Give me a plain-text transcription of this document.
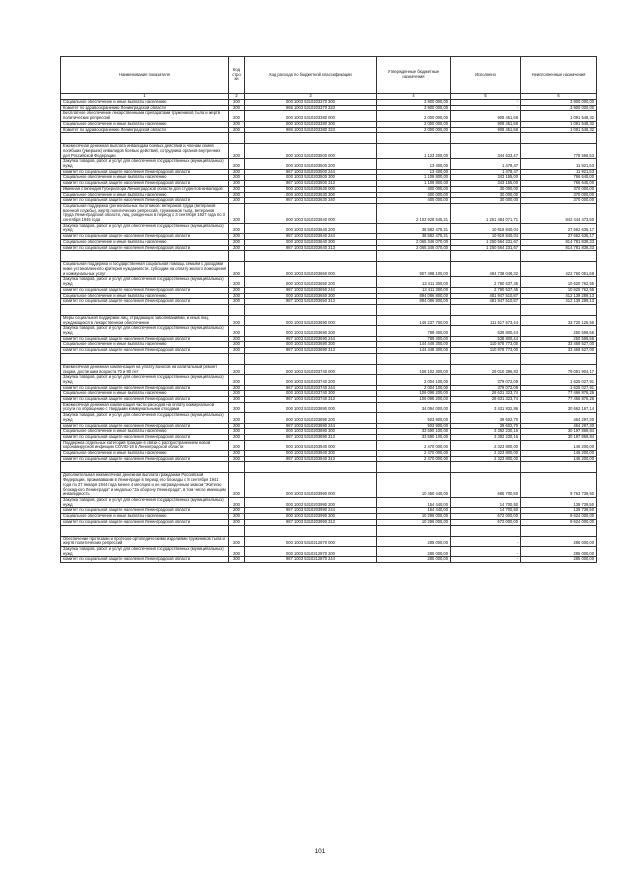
Наименование показателя	Код стро ки	Код расхода по бюджетной классификации	Утвержденные бюджетные назначения	Исполнено	Неисполненные назначения
1	2	3	4	5	6
Социальное обеспечение и иные выплаты населению	200	000 1003 5310203370 300	3 900 000,00	-	3 900 000,00
Комитет по здравоохранению Ленинградской области	200	986 1003 5310203370 323	3 900 000,00	-	3 900 000,00
Бесплатное обеспечение лекарственными препаратами тружеников тыла и жертв политических репрессий	200	000 1003 5310203380 000	2 000 000,00	908 451,68	1 091 548,32
Социальное обеспечение и иные выплаты населению	200	000 1003 5310203380 300	2 000 000,00	908 451,68	1 091 548,32
Комитет по здравоохранению Ленинградской области	200	986 1003 5310203380 323	2 000 000,00	908 451,68	1 091 548,32

Ежемесячная денежная выплата инвалидам боевых действий и членам семей погибших (умерших) инвалидов боевых действий, сотрудника органов внутренних дел Российской Федерации	200	000 1003 5310203500 000	1 123 200,00	344 633,47	778 566,53
Закупка товаров, работ и услуг для обеспечения государственных (муниципальных) нужд	200	000 1003 5310203500 200	13 400,00	1 478,47	11 921,53
комитет по социальной защите населения Ленинградской области	200	987 1003 5310203500 244	13 400,00	1 478,47	11 921,53
Социальное обеспечение и иные выплаты населению	200	000 1003 5310203500 300	1 109 800,00	343 155,00	766 645,00
комитет по социальной защите населения Ленинградской области	200	987 1003 5310203500 313	1 109 800,00	343 155,00	766 645,00
Именная стипендия Губернатора Ленинградской области для студентов-инвалидов	200	000 1003 5310203630 000	400 000,00	30 000,00	370 000,00
Социальное обеспечение и иные выплаты населению	200	000 1003 5310203630 300	400 000,00	30 000,00	370 000,00
комитет по социальной защите населения Ленинградской области	200	987 1003 5310203630 340	400 000,00	30 000,00	370 000,00
Социальная поддержка (региональных льготников: ветеранов труда (ветеранов военной службы), жертв политических репрессий, тружеников тыла, ветеранов труда Ленинградской области, лиц, рожденных в период с 3 сентября 1927 года по 3 сентября 1945 года	200	000 1003 5310203640 000	2 103 928 545,21	1 261 484 071,71	842 444 473,50
Закупка товаров, работ и услуг для обеспечения государственных (муниципальных) нужд	200	000 1003 5310203640 200	38 582 475,21	10 919 840,04	27 662 635,17
комитет по социальной защите населения Ленинградской области	200	987 1003 5310203640 244	38 582 475,21	10 919 840,04	27 662 635,17
Социальное обеспечение и иные выплаты населению	200	000 1003 5310203640 300	2 065 346 070,00	1 250 564 231,67	814 781 838,33
комитет по социальной защите населения Ленинградской области	200	987 1003 5310203640 313	2 065 346 070,00	1 250 564 231,67	814 781 838,33

Социальная поддержка и государственная социальная помощь семьям с доходами ниже установленного критерия нуждаемости, субсидии на оплату жилого помещения и коммунальных услуг	200	000 1003 5310203650 000	907 498 100,00	484 738 048,32	422 760 051,68
Закупка товаров, работ и услуг для обеспечения государственных (муниципальных) нужд	200	000 1003 5310203650 200	13 411 300,00	2 790 537,45	10 620 762,55
комитет по социальной защите населения Ленинградской области	200	987 1003 5310203650 244	13 411 300,00	2 790 537,45	10 620 762,55
Социальное обеспечение и иные выплаты населению	200	000 1003 5310203650 300	894 086 800,00	481 947 510,87	412 139 289,13
комитет по социальной защите населения Ленинградской области	200	987 1003 5310203650 313	894 086 800,00	481 947 510,87	412 139 289,13

Меры социальной поддержки лиц, страдающих заболеваниями, и иных лиц, нуждающихся в лекарственном обеспечении	200	000 1003 5310203690 000	145 237 700,00	111 517 573,44	33 720 126,56
Закупка товаров, работ и услуг для обеспечения государственных (муниципальных) нужд	200	000 1003 5310203690 200	789 400,00	538 800,44	250 599,56
комитет по социальной защите населения Ленинградской области	200	987 1003 5310203690 244	789 400,00	538 800,44	250 599,56
Социальное обеспечение и иные выплаты населению	200	000 1003 5310203690 300	144 448 300,00	110 978 773,00	33 469 527,00
комитет по социальной защите населения Ленинградской области	200	987 1003 5310203690 313	144 448 300,00	110 978 773,00	33 469 527,00

Ежемесячная денежная компенсация на уплату взносов на капитальный ремонт лицам, достигшим возраста 70 и 80 лет	200	000 1003 5310203740 000	108 102 300,00	29 010 396,83	79 091 904,17
Закупка товаров, работ и услуг для обеспечения государственных (муниципальных) нужд	200	000 1003 5310203740 200	2 004 100,00	379 072,09	1 625 027,91
комитет по социальной защите населения Ленинградской области	200	987 1003 5310203740 244	2 004 100,00	379 072,09	1 625 027,91
Социальное обеспечение и иные выплаты населению	200	000 1003 5310203740 300	106 098 200,00	28 631 323,74	77 466 876,26
комитет по социальной защите населения Ленинградской области	200	987 1003 5310203740 313	106 098 200,00	28 631 323,74	77 466 876,26
Ежемесячная денежная компенсация части расходов на оплату коммунальной услуги по обращению с твердыми коммунальными отходами	200	000 1003 5310203890 000	34 094 000,00	3 431 832,86	30 662 167,14
Закупка товаров, работ и услуг для обеспечения государственных (муниципальных) нужд	200	000 1003 5310203890 200	503 900,00	39 602,70	464 297,30
комитет по социальной защите населения Ленинградской области	200	987 1003 5310203890 244	503 900,00	39 602,70	464 297,30
Социальное обеспечение и иные выплаты населению	200	000 1003 5310203890 300	33 590 100,00	3 392 230,16	30 197 869,84
комитет по социальной защите населения Ленинградской области	200	987 1003 5310203890 313	33 590 100,00	3 392 230,16	30 197 869,84
Поддержка отдельных категорий граждан в связи с распространением новой коронавирусной инфекции COVID-19 в Ленинградской области	200	000 1003 5310203940 000	2 470 000,00	2 323 800,00	146 200,00
Социальное обеспечение и иные выплаты населению	200	000 1003 5310203940 300	2 470 000,00	2 323 800,00	146 200,00
комитет по социальной защите населения Ленинградской области	200	987 1003 5310203940 313	2 470 000,00	2 323 800,00	146 200,00

Дополнительная ежемесячная денежная выплата гражданам Российской Федерации, проживавшим в Ленинграде в период его блокады с 8 сентября 1941 года по 27 января 1944 года менее 4 месяцев и не награжденным знаком "Жителю блокадного Ленинграда" и медалью "За оборону Ленинграда", в том числе имеющим инвалидность	200	000 1003 5310203990 000	10 450 440,00	686 700,50	9 763 739,50
Закупка товаров, работ и услуг для обеспечения государственных (муниципальных) нужд	200	000 1003 5310203990 200	154 440,00	14 700,50	139 739,50
комитет по социальной защите населения Ленинградской области	200	987 1003 5310203990 244	154 440,00	14 700,50	139 739,50
Социальное обеспечение и иные выплаты населению	200	000 1003 5310203990 300	10 296 000,00	672 000,00	9 624 000,00
комитет по социальной защите населения Ленинградской области	200	987 1003 5310203990 313	10 296 000,00	672 000,00	9 624 000,00

Обеспечение протезами и протезно-ортопедическими изделиями тружеников тыла и жертв политических репрессий	200	000 1003 5310212870 000	285 000,00	-	285 000,00
Закупка товаров, работ и услуг для обеспечения государственных (муниципальных) нужд	200	000 1003 5310212870 200	285 000,00	-	285 000,00
комитет по социальной защите населения Ленинградской области	200	987 1003 5310212870 244	285 000,00	-	285 000,00
101
